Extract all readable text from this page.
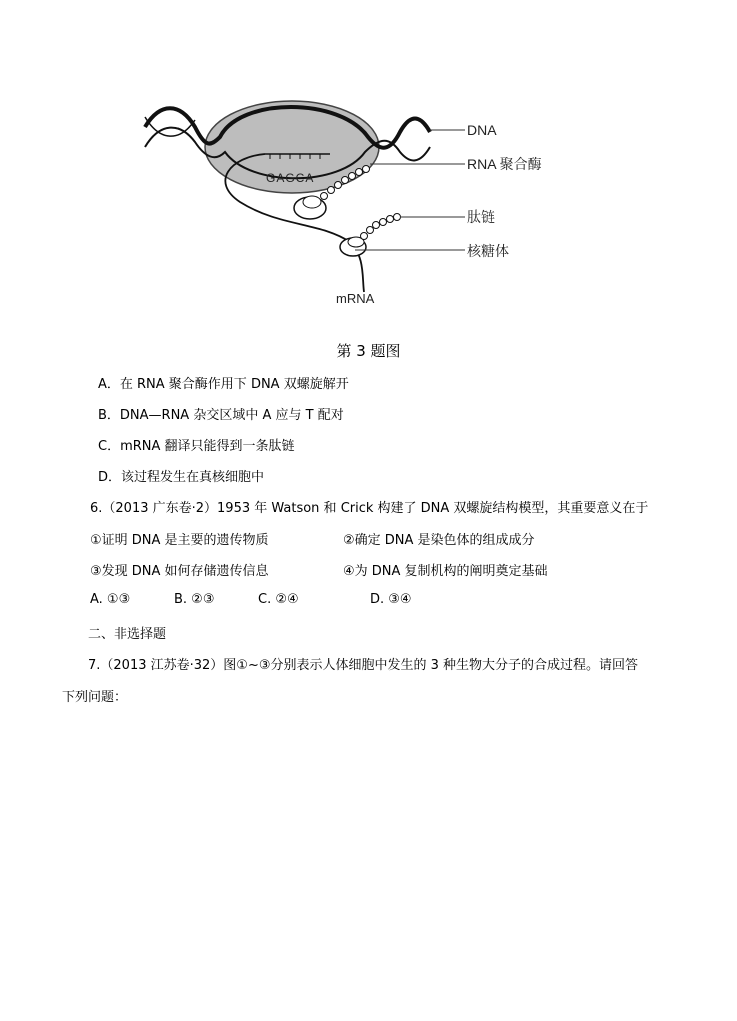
DNA
RNA 聚合酶
肽链
核糖体
mRNA
GAGCA
第 3 题图
A．在 RNA 聚合酶作用下 DNA 双螺旋解开
B．DNA—RNA 杂交区域中 A 应与 T 配对
C．mRNA 翻译只能得到一条肽链
D．该过程发生在真核细胞中
6.（2013 广东卷·2）1953 年 Watson 和 Crick 构建了 DNA 双螺旋结构模型，其重要意义在于
①证明 DNA 是主要的遗传物质	②确定 DNA 是染色体的组成成分
③发现 DNA 如何存储遗传信息	④为 DNA 复制机构的阐明奠定基础
A. ①③	B. ②③	C. ②④	D. ③④
二、非选择题
7.（2013 江苏卷·32）图①~③分别表示人体细胞中发生的 3 种生物大分子的合成过程。请回答
下列问题：
